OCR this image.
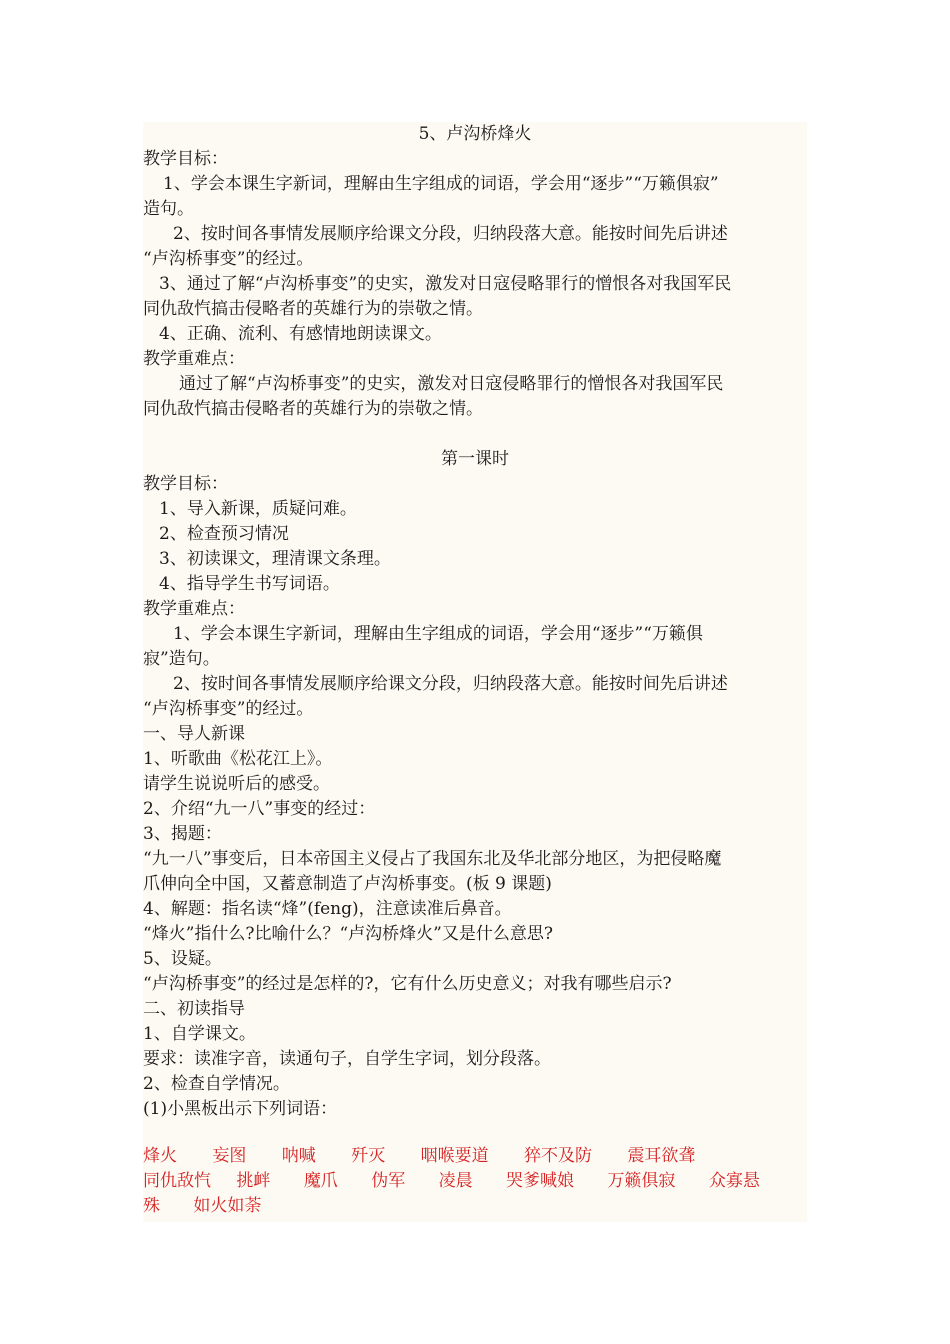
5、卢沟桥烽火

教学目标：

1、学会本课生字新词，理解由生字组成的词语，学会用“逐步”“万籁俱寂”

造句。

2、按时间各事情发展顺序给课文分段，归纳段落大意。能按时间先后讲述

“卢沟桥事变”的经过。

3、通过了解“卢沟桥事变”的史实，激发对日寇侵略罪行的憎恨各对我国军民

同仇敌忾搞击侵略者的英雄行为的崇敬之情。

4、正确、流利、有感情地朗读课文。

教学重难点：

通过了解“卢沟桥事变”的史实，激发对日寇侵略罪行的憎恨各对我国军民

同仇敌忾搞击侵略者的英雄行为的崇敬之情。

第一课时

教学目标：

1、导入新课，质疑问难。

2、检查预习情况

3、初读课文，理清课文条理。

4、指导学生书写词语。

教学重难点：

1、学会本课生字新词，理解由生字组成的词语，学会用“逐步”“万籁俱

寂”造句。

2、按时间各事情发展顺序给课文分段，归纳段落大意。能按时间先后讲述

“卢沟桥事变”的经过。

一、导人新课

1、听歌曲《松花江上》。

请学生说说听后的感受。

2、介绍“九一八”事变的经过：

3、揭题：

“九一八”事变后，日本帝国主义侵占了我国东北及华北部分地区，为把侵略魔

爪伸向全中国，又蓄意制造了卢沟桥事变。(板 9 课题)

4、解题：指名读“烽”(feng)，注意读准后鼻音。

“烽火”指什么?比喻什么？“卢沟桥烽火”又是什么意思?

5、设疑。

“卢沟桥事变”的经过是怎样的?，它有什么历史意义；对我有哪些启示?

二、初读指导

1、自学课文。

要求：读准字音，读通句子，自学生字词，划分段落。

2、检查自学情况。

(1)小黑板出示下列词语：

烽火 妄图 呐喊 歼灭 咽喉要道 猝不及防 震耳欲聋
同仇敌忾 挑衅 魔爪 伪军 凌晨 哭爹喊娘 万籁俱寂 众寡悬
殊 如火如荼
